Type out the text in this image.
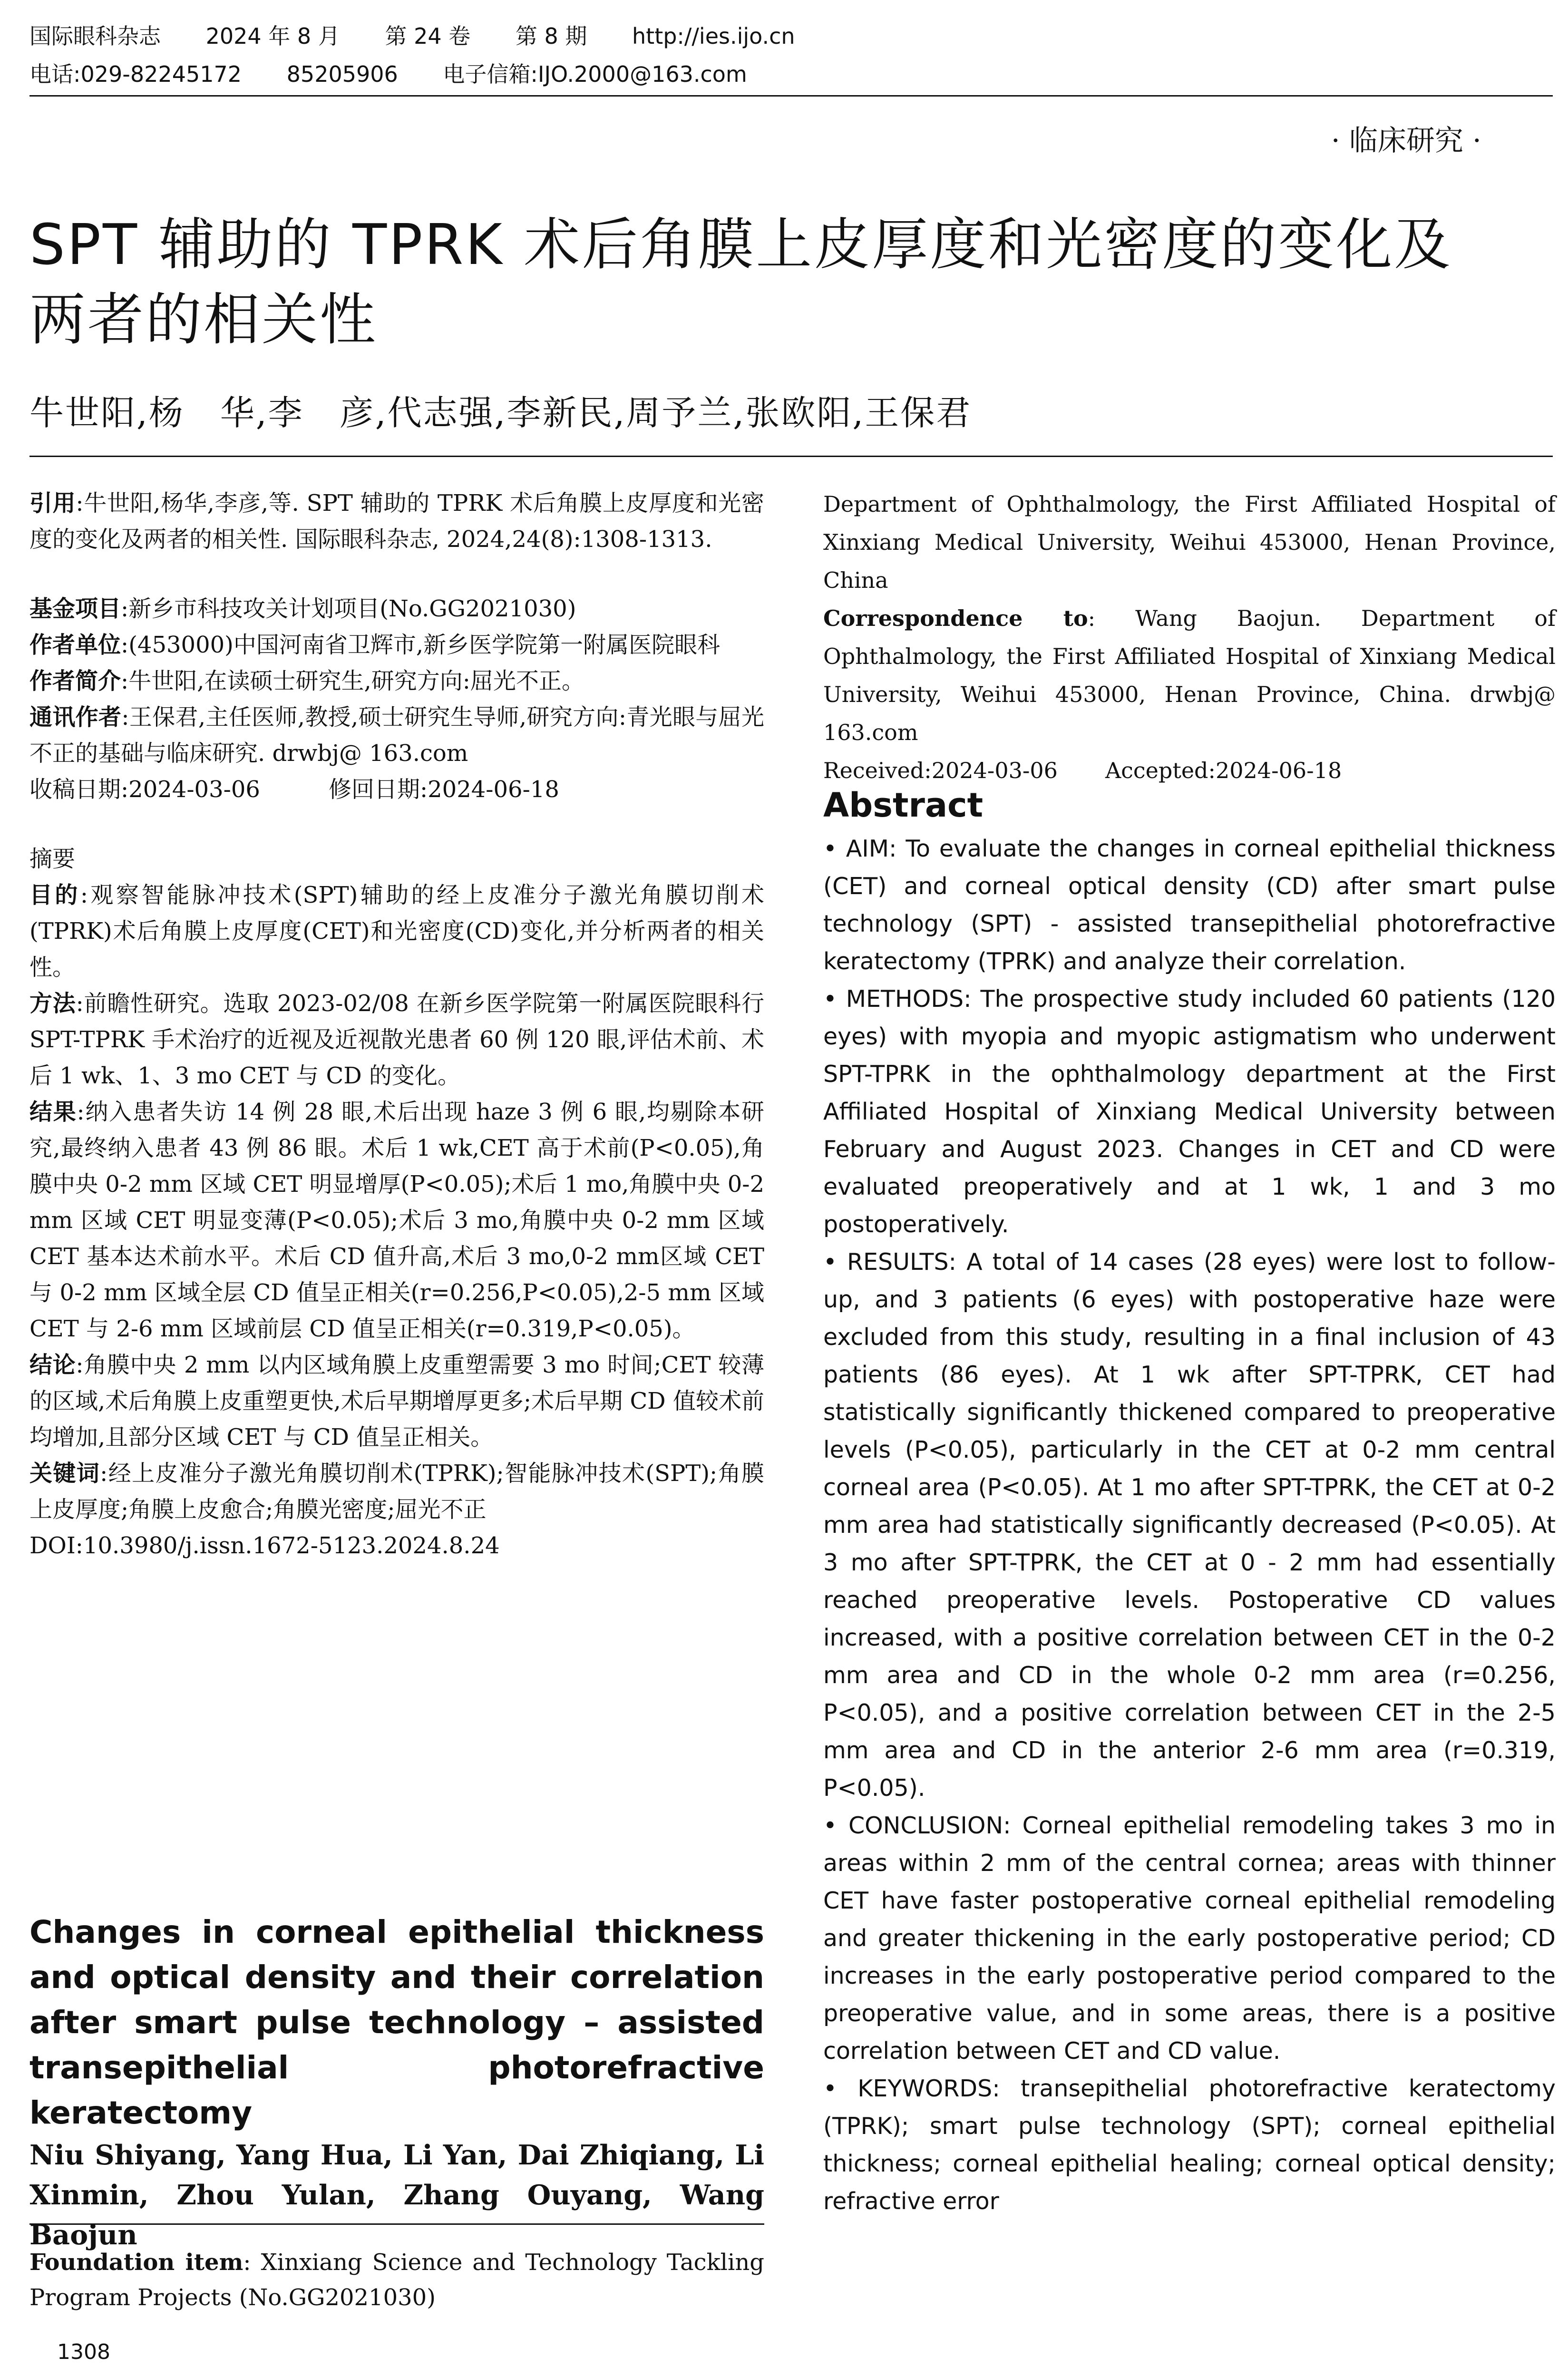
国际眼科杂志 2024 年 8 月 第 24 卷 第 8 期 http://ies.ijo.cn
电话:029-82245172 85205906 电子信箱:IJO.2000@163.com
· 临床研究 ·
SPT 辅助的 TPRK 术后角膜上皮厚度和光密度的变化及
两者的相关性
牛世阳,杨　华,李　彦,代志强,李新民,周予兰,张欧阳,王保君

引用:牛世阳,杨华,李彦,等. SPT 辅助的 TPRK 术后角膜上皮厚度和光密度的变化及两者的相关性. 国际眼科杂志, 2024,24(8):1308-1313.

基金项目:新乡市科技攻关计划项目(No.GG2021030)

作者单位:(453000)中国河南省卫辉市,新乡医学院第一附属医院眼科

作者简介:牛世阳,在读硕士研究生,研究方向:屈光不正。

通讯作者:王保君,主任医师,教授,硕士研究生导师,研究方向:青光眼与屈光不正的基础与临床研究. drwbj@ 163.com

收稿日期:2024-03-06   	修回日期:2024-06-18

摘要

目的:观察智能脉冲技术(SPT)辅助的经上皮准分子激光角膜切削术(TPRK)术后角膜上皮厚度(CET)和光密度(CD)变化,并分析两者的相关性。

方法:前瞻性研究。选取 2023-02/08 在新乡医学院第一附属医院眼科行 SPT-TPRK 手术治疗的近视及近视散光患者 60 例 120 眼,评估术前、术后 1 wk、1、3 mo CET 与 CD 的变化。

结果:纳入患者失访 14 例 28 眼,术后出现 haze 3 例 6 眼,均剔除本研究,最终纳入患者 43 例 86 眼。术后 1 wk,CET 高于术前(P<0.05),角膜中央 0-2 mm 区域 CET 明显增厚(P<0.05);术后 1 mo,角膜中央 0-2 mm 区域 CET 明显变薄(P<0.05);术后 3 mo,角膜中央 0-2 mm 区域 CET 基本达术前水平。术后 CD 值升高,术后 3 mo,0-2 mm区域 CET 与 0-2 mm 区域全层 CD 值呈正相关(r=0.256,P<0.05),2-5 mm 区域 CET 与 2-6 mm 区域前层 CD 值呈正相关(r=0.319,P<0.05)。

结论:角膜中央 2 mm 以内区域角膜上皮重塑需要 3 mo 时间;CET 较薄的区域,术后角膜上皮重塑更快,术后早期增厚更多;术后早期 CD 值较术前均增加,且部分区域 CET 与 CD 值呈正相关。

关键词:经上皮准分子激光角膜切削术(TPRK);智能脉冲技术(SPT);角膜上皮厚度;角膜上皮愈合;角膜光密度;屈光不正

DOI:10.3980/j.issn.1672-5123.2024.8.24

Changes in corneal epithelial thickness and optical density and their correlation after smart pulse technology – assisted transepithelial photorefractive keratectomy
Niu Shiyang, Yang Hua, Li Yan, Dai Zhiqiang, Li Xinmin, Zhou Yulan, Zhang Ouyang, Wang Baojun
Foundation item: Xinxiang Science and Technology Tackling Program Projects (No.GG2021030)
1308

Department of Ophthalmology, the First Affiliated Hospital of Xinxiang Medical University, Weihui 453000, Henan Province, China

Correspondence to: Wang Baojun. Department of Ophthalmology, the First Affiliated Hospital of Xinxiang Medical University, Weihui 453000, Henan Province, China. drwbj@ 163.com

Received:2024-03-06 Accepted:2024-06-18

Abstract

• AIM: To evaluate the changes in corneal epithelial thickness (CET) and corneal optical density (CD) after smart pulse technology (SPT) - assisted transepithelial photorefractive keratectomy (TPRK) and analyze their correlation.

• METHODS: The prospective study included 60 patients (120 eyes) with myopia and myopic astigmatism who underwent SPT-TPRK in the ophthalmology department at the First Affiliated Hospital of Xinxiang Medical University between February and August 2023. Changes in CET and CD were evaluated preoperatively and at 1 wk, 1 and 3 mo postoperatively.

• RESULTS: A total of 14 cases (28 eyes) were lost to follow-up, and 3 patients (6 eyes) with postoperative haze were excluded from this study, resulting in a final inclusion of 43 patients (86 eyes). At 1 wk after SPT-TPRK, CET had statistically significantly thickened compared to preoperative levels (P<0.05), particularly in the CET at 0-2 mm central corneal area (P<0.05). At 1 mo after SPT-TPRK, the CET at 0-2 mm area had statistically significantly decreased (P<0.05). At 3 mo after SPT-TPRK, the CET at 0 - 2 mm had essentially reached preoperative levels. Postoperative CD values increased, with a positive correlation between CET in the 0-2 mm area and CD in the whole 0-2 mm area (r=0.256, P<0.05), and a positive correlation between CET in the 2-5 mm area and CD in the anterior 2-6 mm area (r=0.319, P<0.05).

• CONCLUSION: Corneal epithelial remodeling takes 3 mo in areas within 2 mm of the central cornea; areas with thinner CET have faster postoperative corneal epithelial remodeling and greater thickening in the early postoperative period; CD increases in the early postoperative period compared to the preoperative value, and in some areas, there is a positive correlation between CET and CD value.

• KEYWORDS: transepithelial photorefractive keratectomy (TPRK); smart pulse technology (SPT); corneal epithelial thickness; corneal epithelial healing; corneal optical density; refractive error
